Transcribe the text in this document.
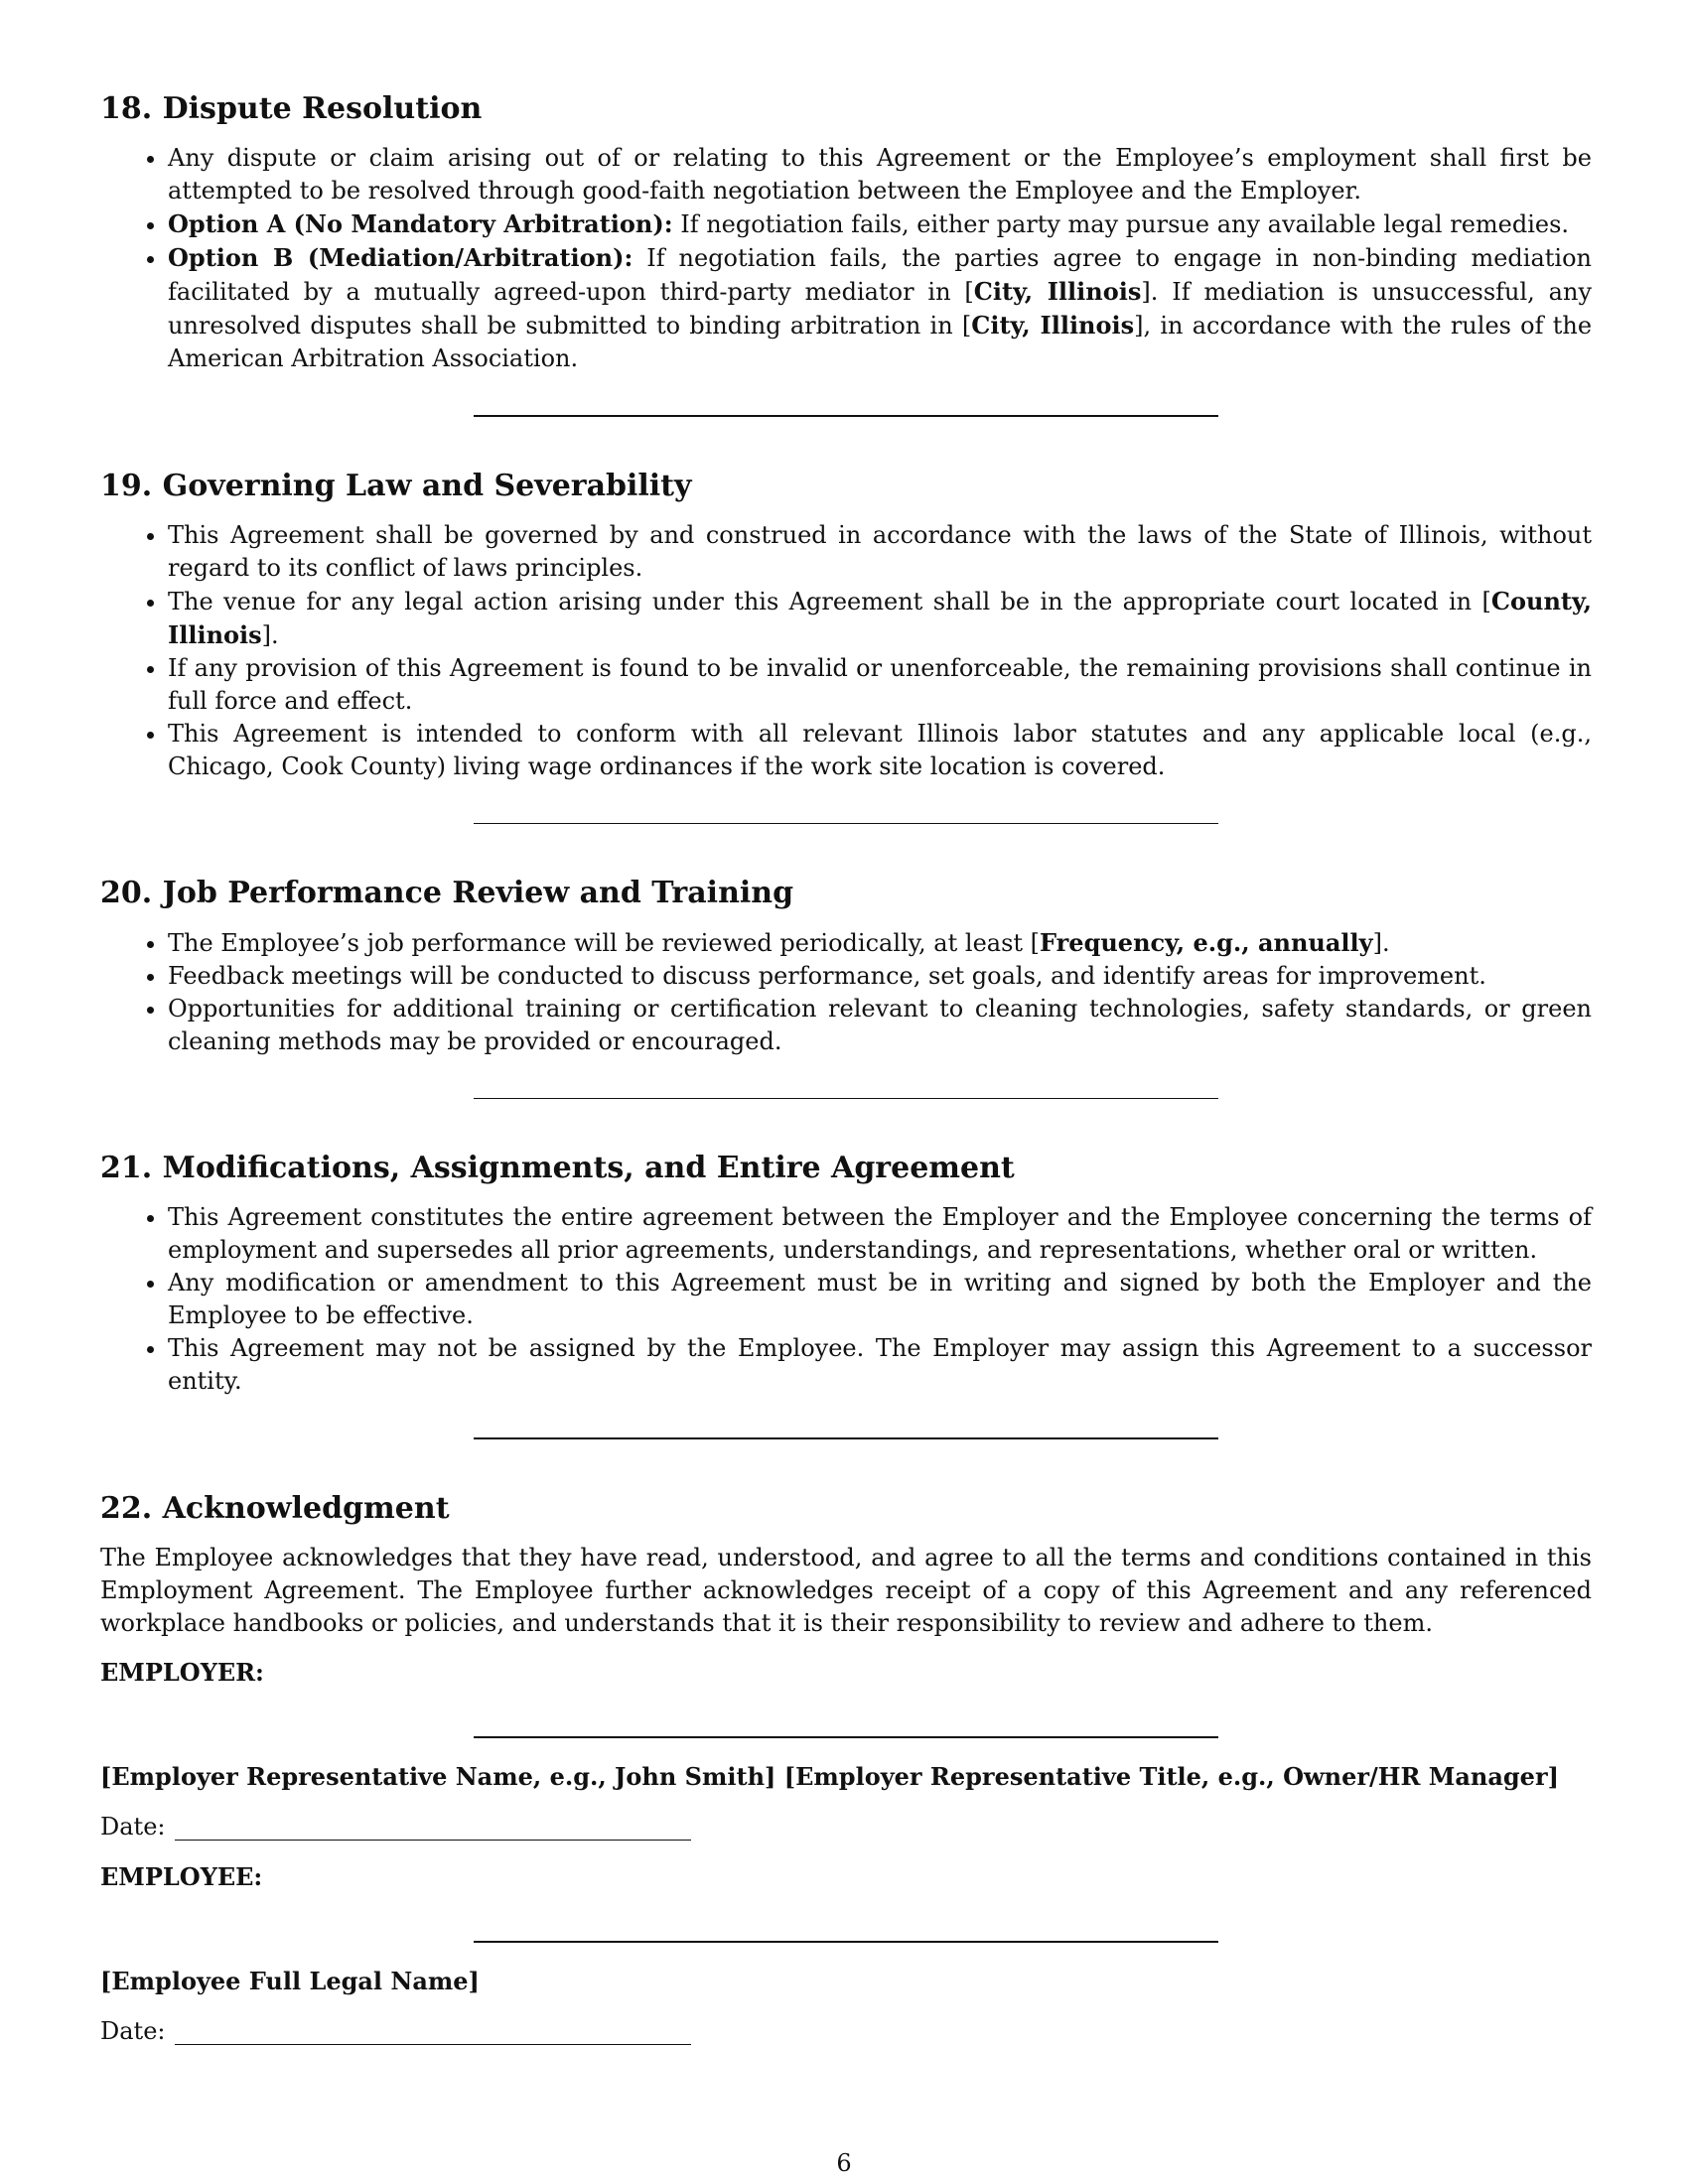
18. Dispute Resolution
• Any dispute or claim arising out of or relating to this Agreement or the Employee’s employment shall first be attempted to be resolved through good-faith negotiation between the Employee and the Employer.
• Option A (No Mandatory Arbitration): If negotiation fails, either party may pursue any available legal remedies.
• Option B (Mediation/Arbitration): If negotiation fails, the parties agree to engage in non-binding mediation facilitated by a mutually agreed-upon third-party mediator in [City, Illinois]. If mediation is unsuccessful, any unresolved disputes shall be submitted to binding arbitration in [City, Illinois], in accordance with the rules of the American Arbitration Association.
19. Governing Law and Severability
• This Agreement shall be governed by and construed in accordance with the laws of the State of Illinois, without regard to its conflict of laws principles.
• The venue for any legal action arising under this Agreement shall be in the appropriate court located in [County, Illinois].
• If any provision of this Agreement is found to be invalid or unenforceable, the remaining provisions shall continue in full force and effect.
• This Agreement is intended to conform with all relevant Illinois labor statutes and any applicable local (e.g., Chicago, Cook County) living wage ordinances if the work site location is covered.
20. Job Performance Review and Training
• The Employee’s job performance will be reviewed periodically, at least [Frequency, e.g., annually].
• Feedback meetings will be conducted to discuss performance, set goals, and identify areas for improvement.
• Opportunities for additional training or certification relevant to cleaning technologies, safety standards, or green cleaning methods may be provided or encouraged.
21. Modifications, Assignments, and Entire Agreement
• This Agreement constitutes the entire agreement between the Employer and the Employee concerning the terms of employment and supersedes all prior agreements, understandings, and representations, whether oral or written.
• Any modification or amendment to this Agreement must be in writing and signed by both the Employer and the Employee to be effective.
• This Agreement may not be assigned by the Employee. The Employer may assign this Agreement to a successor entity.
22. Acknowledgment

The Employee acknowledges that they have read, understood, and agree to all the terms and conditions contained in this Employment Agreement. The Employee further acknowledges receipt of a copy of this Agreement and any referenced workplace handbooks or policies, and understands that it is their responsibility to review and adhere to them.

EMPLOYER:
[Employer Representative Name, e.g., John Smith] [Employer Representative Title, e.g., Owner/HR Manager]
Date:
EMPLOYEE:
[Employee Full Legal Name]
Date:
6
